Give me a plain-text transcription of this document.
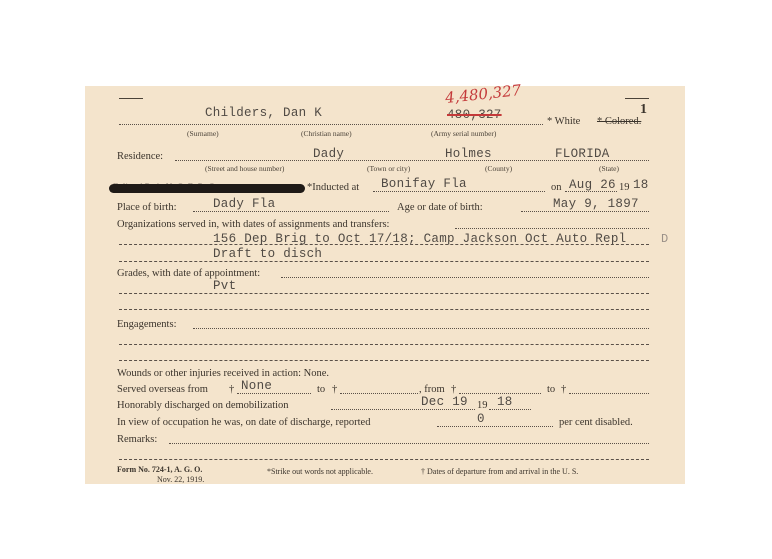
1
4,480,327
480,327
Childers, Dan K
* White * Colored.
(Surname)	(Christian name)	(Army serial number)
Residence:	Dady	Holmes	FLORIDA
(Street and house number)	(Town or city)	(County)	(State)
*Inducted at Bonifay Fla	on Aug 26 19 18
Place of birth:	Dady Fla	Age or date of birth:	May 9, 1897
Organizations served in, with dates of assignments and transfers:
156 Dep Brig to Oct 17/18; Camp Jackson Oct Auto Repl	D
Draft to disch
Grades, with date of appointment:
Pvt
Engagements:
Wounds or other injuries received in action: None.
Served overseas from † None	to †	, from †	to †
Honorably discharged on demobilization	Dec 19 19 18
In view of occupation he was, on date of discharge, reported	0	per cent disabled.
Remarks:
Form No. 724-1, A. G. O.
Nov. 22, 1919.
*Strike out words not applicable.	† Dates of departure from and arrival in the U. S.
